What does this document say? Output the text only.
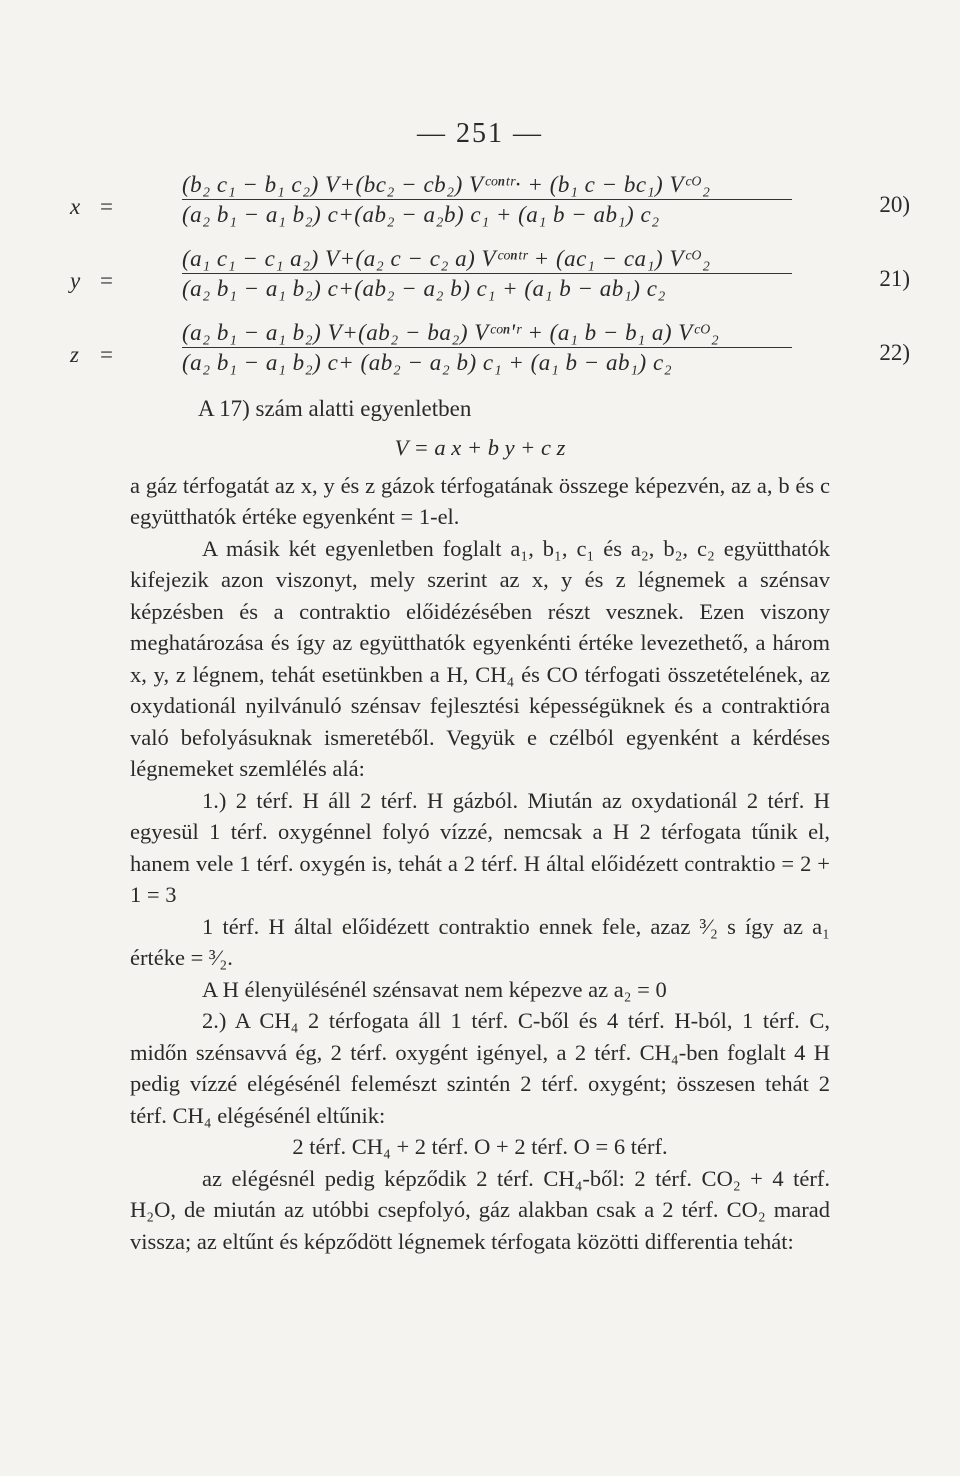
— 251 —
x =
(b₂ c₁ − b₁ c₂) V+(bc₂ − cb₂) Vᶜᵒⁿᵗʳ· + (b₁ c − bc₁) Vᶜᴼ₂
(a₂ b₁ − a₁ b₂) c+(ab₂ − a₂b) c₁ + (a₁ b − ab₁) c₂	20)
y =
(a₁ c₁ − c₁ a₂) V+(a₂ c − c₂ a) Vᶜᵒⁿᵗʳ + (ac₁ − ca₁) Vᶜᴼ₂
(a₂ b₁ − a₁ b₂) c+(ab₂ − a₂ b) c₁ + (a₁ b − ab₁) c₂	21)
z =
(a₂ b₁ − a₁ b₂) V+(ab₂ − ba₂) Vᶜᵒⁿ'ʳ + (a₁ b − b₁ a) Vᶜᴼ₂
(a₂ b₁ − a₁ b₂) c+ (ab₂ − a₂ b) c₁ + (a₁ b − ab₁) c₂	22)
A 17) szám alatti egyenletben

V = a x + b y + c z

a gáz térfogatát az x, y és z gázok térfogatának összege képezvén, az a, b és c együtthatók értéke egyenként = 1-el.

A másik két egyenletben foglalt a₁, b₁, c₁ és a₂, b₂, c₂ együtthatók kifejezik azon viszonyt, mely szerint az x, y és z légnemek a szénsav képzésben és a contraktio előidézésében részt vesznek. Ezen viszony meghatározása és így az együtthatók egyenkénti értéke levezethető, a három x, y, z légnem, tehát esetünkben a H, CH₄ és CO térfogati összetételének, az oxydationál nyilvánuló szénsav fejlesztési képességüknek és a contraktióra való befolyásuknak ismeretéből. Vegyük e czélból egyenként a kérdéses légnemeket szemlélés alá:

1.) 2 térf. H áll 2 térf. H gázból. Miután az oxydationál 2 térf. H egyesül 1 térf. oxygénnel folyó vízzé, nemcsak a H 2 térfogata tűnik el, hanem vele 1 térf. oxygén is, tehát a 2 térf. H által előidézett contraktio = 2 + 1 = 3

1 térf. H által előidézett contraktio ennek fele, azaz ³⁄₂ s így az a₁ értéke = ³⁄₂.

A H élenyülésénél szénsavat nem képezve az a₂ = 0

2.) A CH₄ 2 térfogata áll 1 térf. C-ből és 4 térf. H-ból, 1 térf. C, midőn szénsavvá ég, 2 térf. oxygént igényel, a 2 térf. CH₄-ben foglalt 4 H pedig vízzé elégésénél felemészt szintén 2 térf. oxygént; összesen tehát 2 térf. CH₄ elégésénél eltűnik:

2 térf. CH₄ + 2 térf. O + 2 térf. O = 6 térf.

az elégésnél pedig képződik 2 térf. CH₄-ből: 2 térf. CO₂ + 4 térf. H₂O, de miután az utóbbi csepfolyó, gáz alakban csak a 2 térf. CO₂ marad vissza; az eltűnt és képződött légnemek térfogata közötti differentia tehát:
